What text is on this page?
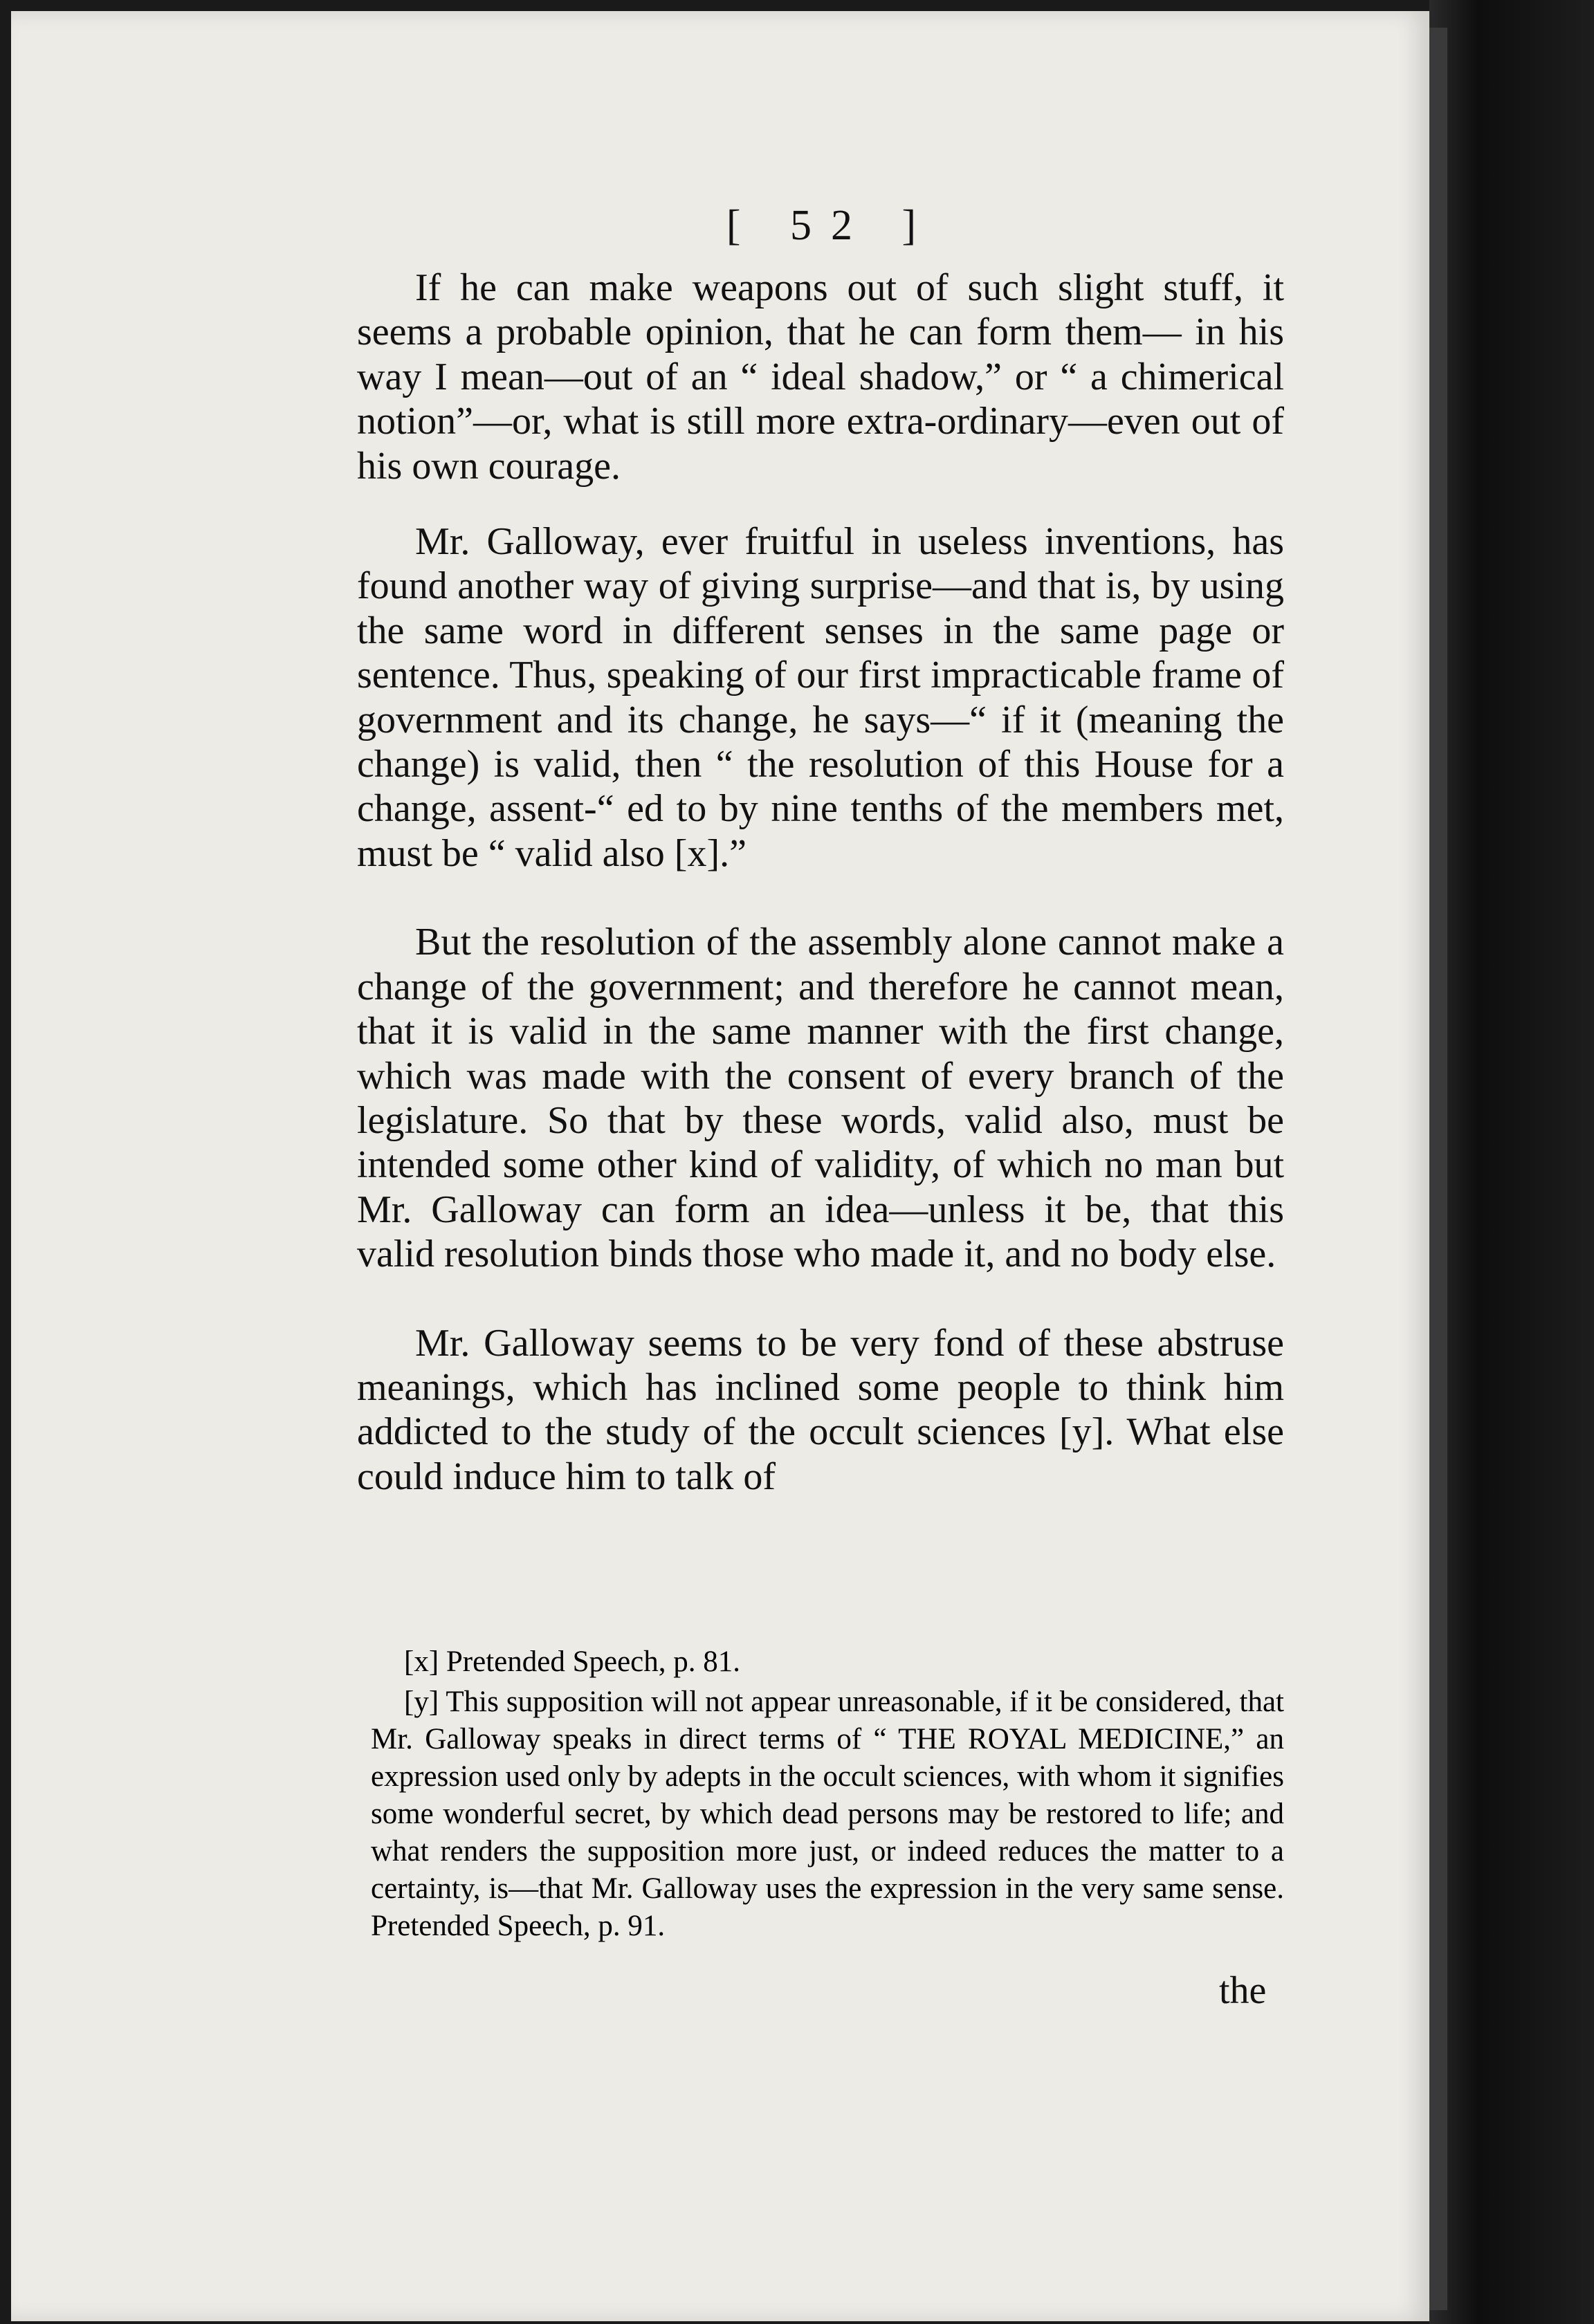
[ 52 ]

If he can make weapons out of such slight stuff, it seems a probable opinion, that he can form them— in his way I mean—out of an “ ideal shadow,” or “ a chimerical notion”—or, what is still more extra-ordinary—even out of his own courage.

Mr. Galloway, ever fruitful in useless inventions, has found another way of giving surprise—and that is, by using the same word in different senses in the same page or sentence. Thus, speaking of our first impracticable frame of government and its change, he says—“ if it (meaning the change) is valid, then “ the resolution of this House for a change, assent-“ ed to by nine tenths of the members met, must be “ valid also [x].”

But the resolution of the assembly alone cannot make a change of the government; and therefore he cannot mean, that it is valid in the same manner with the first change, which was made with the consent of every branch of the legislature. So that by these words, valid also, must be intended some other kind of validity, of which no man but Mr. Galloway can form an idea—unless it be, that this valid resolution binds those who made it, and no body else.

Mr. Galloway seems to be very fond of these abstruse meanings, which has inclined some people to think him addicted to the study of the occult sciences [y]. What else could induce him to talk of

[x] Pretended Speech, p. 81.

[y] This supposition will not appear unreasonable, if it be considered, that Mr. Galloway speaks in direct terms of “ THE ROYAL MEDICINE,” an expression used only by adepts in the occult sciences, with whom it signifies some wonderful secret, by which dead persons may be restored to life; and what renders the supposition more just, or indeed reduces the matter to a certainty, is—that Mr. Galloway uses the expression in the very same sense. Pretended Speech, p. 91.

the
